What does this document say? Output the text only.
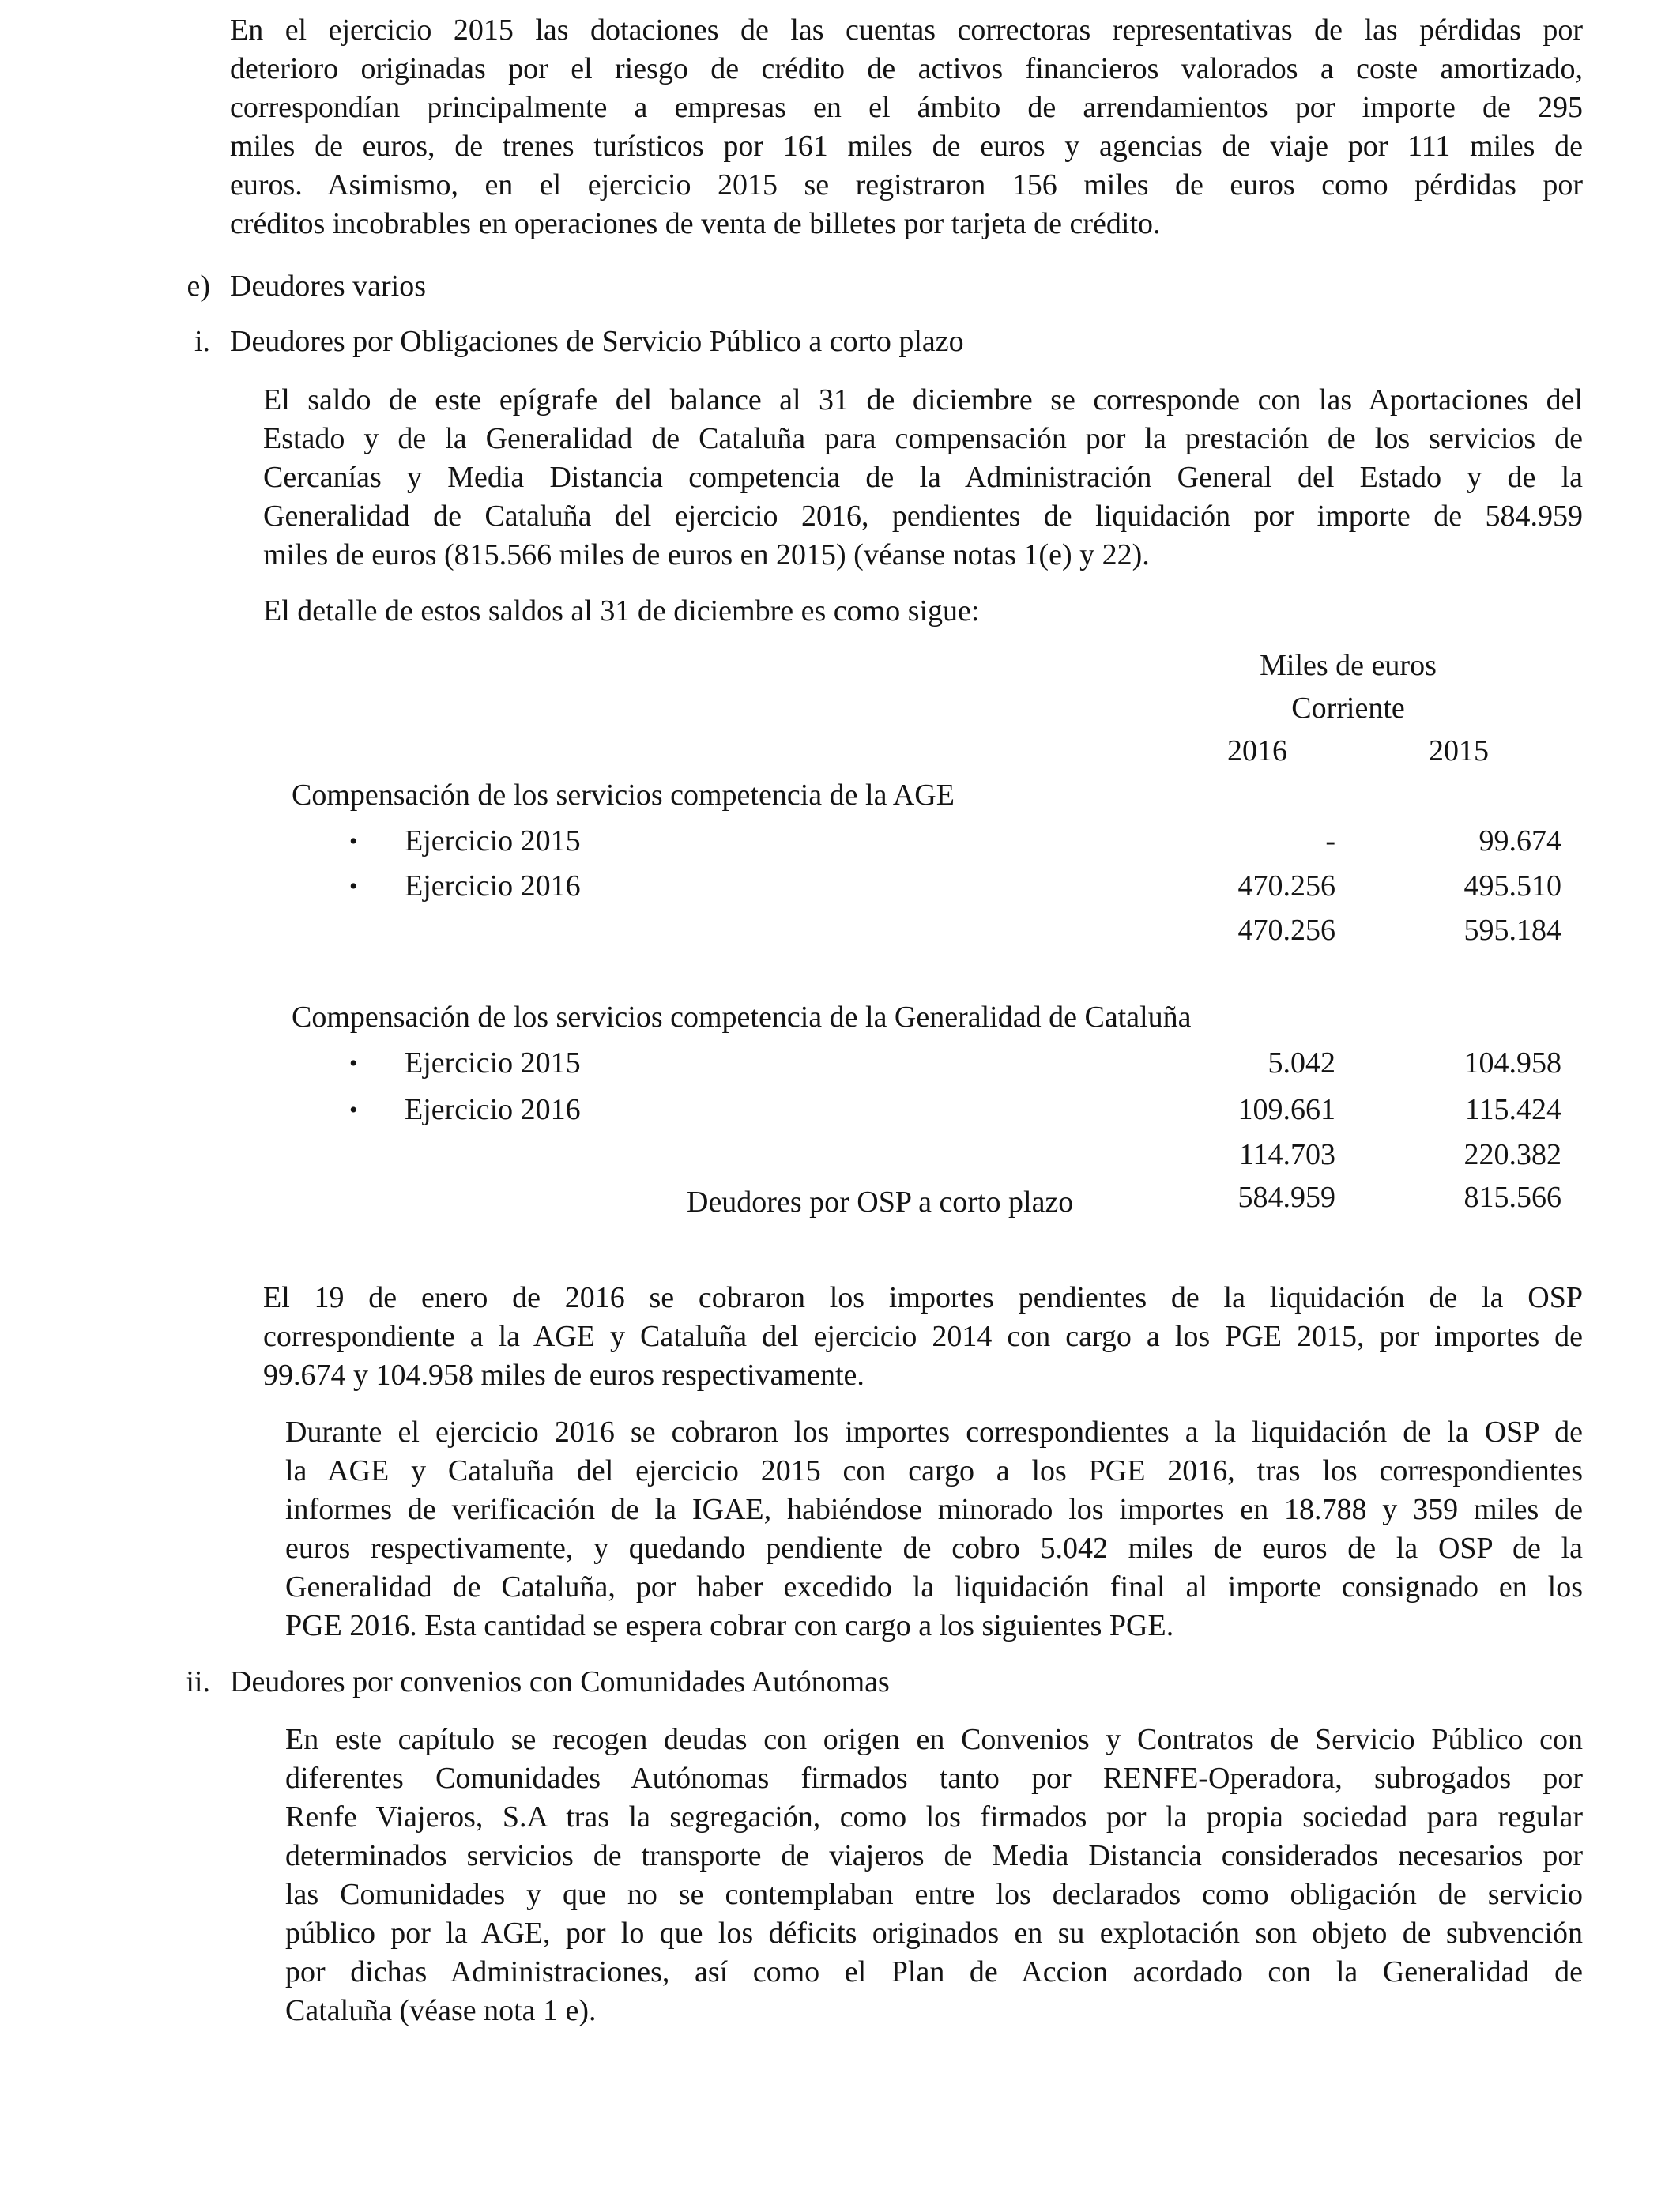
En el ejercicio 2015 las dotaciones de las cuentas correctoras representativas de las pérdidas por

deterioro originadas por el riesgo de crédito de activos financieros valorados a coste amortizado,

correspondían principalmente a empresas en el ámbito de arrendamientos por importe de 295

miles de euros, de trenes turísticos por 161 miles de euros y agencias de viaje por 111 miles de

euros. Asimismo, en el ejercicio 2015 se registraron 156 miles de euros como pérdidas por

créditos incobrables en operaciones de venta de billetes por tarjeta de crédito.

e) Deudores varios
i. Deudores por Obligaciones de Servicio Público a corto plazo

El saldo de este epígrafe del balance al 31 de diciembre se corresponde con las Aportaciones del

Estado y de la Generalidad de Cataluña para compensación por la prestación de los servicios de

Cercanías y Media Distancia competencia de la Administración General del Estado y de la

Generalidad de Cataluña del ejercicio 2016, pendientes de liquidación por importe de 584.959

miles de euros (815.566 miles de euros en 2015) (véanse notas 1(e) y 22).

El detalle de estos saldos al 31 de diciembre es como sigue:

Miles de euros
Corriente
2016	2015
Compensación de los servicios competencia de la AGE
• Ejercicio 2015	-	99.674
• Ejercicio 2016	470.256	495.510
470.256	595.184
Compensación de los servicios competencia de la Generalidad de Cataluña
• Ejercicio 2015	5.042	104.958
• Ejercicio 2016	109.661	115.424
114.703	220.382
Deudores por OSP a corto plazo	584.959	815.566

El 19 de enero de 2016 se cobraron los importes pendientes de la liquidación de la OSP

correspondiente a la AGE y Cataluña del ejercicio 2014 con cargo a los PGE 2015, por importes de

99.674 y 104.958 miles de euros respectivamente.

Durante el ejercicio 2016 se cobraron los importes correspondientes a la liquidación de la OSP de

la AGE y Cataluña del ejercicio 2015 con cargo a los PGE 2016, tras los correspondientes

informes de verificación de la IGAE, habiéndose minorado los importes en 18.788 y 359 miles de

euros respectivamente, y quedando pendiente de cobro 5.042 miles de euros de la OSP de la

Generalidad de Cataluña, por haber excedido la liquidación final al importe consignado en los

PGE 2016. Esta cantidad se espera cobrar con cargo a los siguientes PGE.

ii. Deudores por convenios con Comunidades Autónomas

En este capítulo se recogen deudas con origen en Convenios y Contratos de Servicio Público con

diferentes Comunidades Autónomas firmados tanto por RENFE-Operadora, subrogados por

Renfe Viajeros, S.A tras la segregación, como los firmados por la propia sociedad para regular

determinados servicios de transporte de viajeros de Media Distancia considerados necesarios por

las Comunidades y que no se contemplaban entre los declarados como obligación de servicio

público por la AGE, por lo que los déficits originados en su explotación son objeto de subvención

por dichas Administraciones, así como el Plan de Accion acordado con la Generalidad de

Cataluña (véase nota 1 e).
